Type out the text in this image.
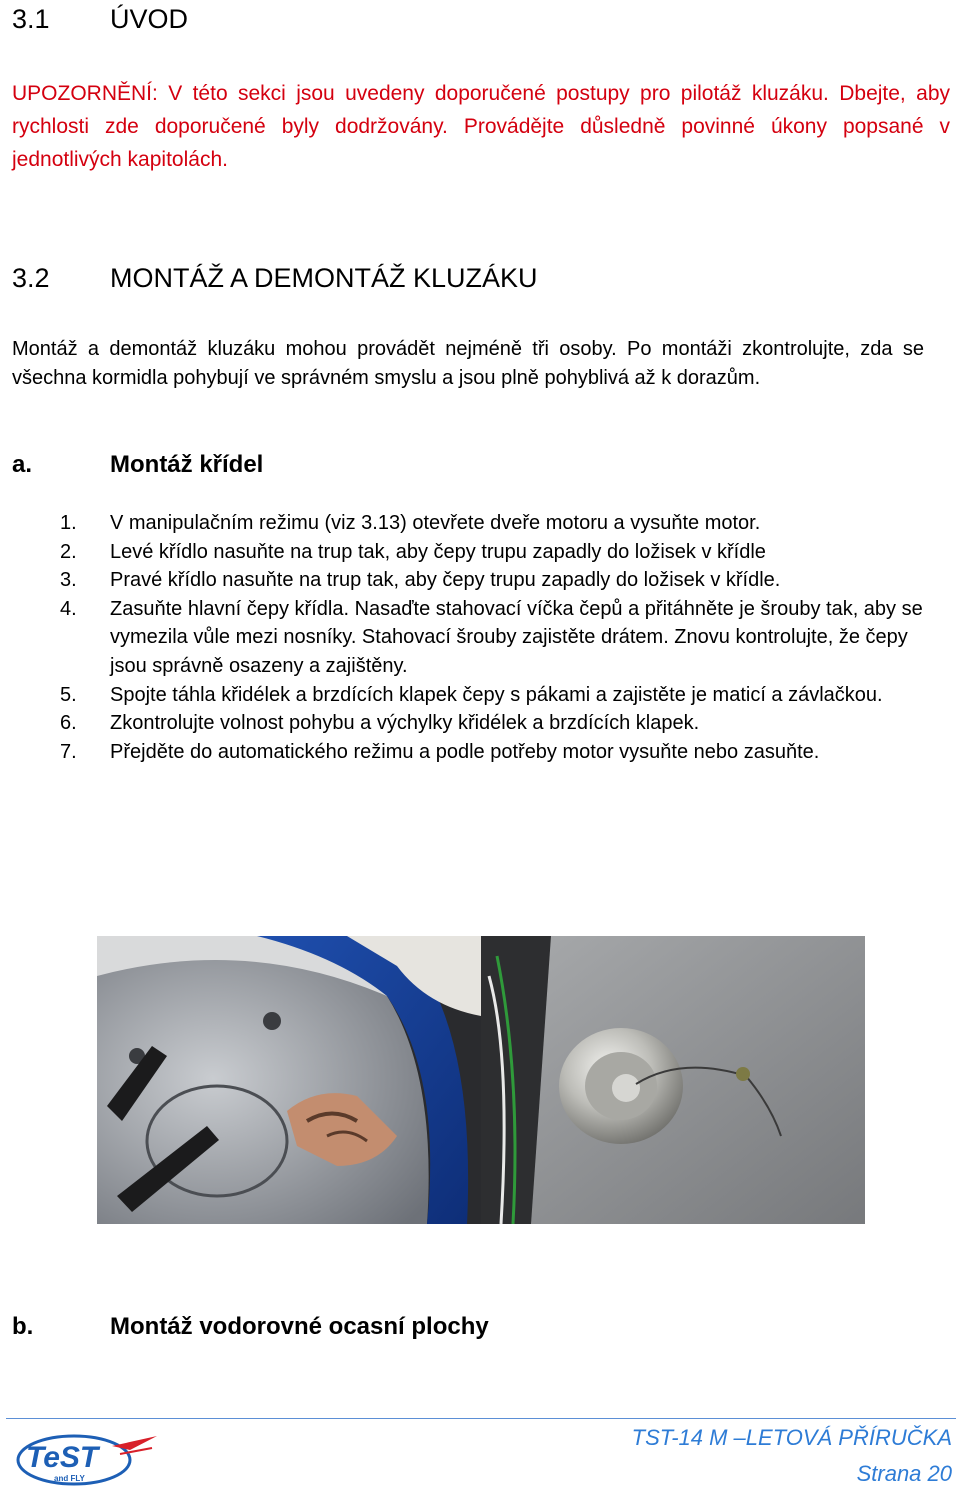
3.1 ÚVOD
UPOZORNĚNÍ: V této sekci jsou uvedeny doporučené postupy pro pilotáž kluzáku. Dbejte, aby rychlosti zde doporučené byly dodržovány. Provádějte důsledně povinné úkony popsané v jednotlivých kapitolách.
3.2 MONTÁŽ A DEMONTÁŽ KLUZÁKU
Montáž a demontáž kluzáku mohou provádět nejméně tři osoby. Po montáži zkontrolujte, zda se všechna kormidla pohybují ve správném smyslu a jsou plně pohyblivá až k dorazům.
a.	Montáž křídel
1.	V manipulačním režimu (viz 3.13) otevřete dveře motoru a vysuňte motor.
2.	Levé křídlo nasuňte na trup tak, aby čepy trupu zapadly do ložisek v křídle
3.	Pravé křídlo nasuňte na trup tak, aby čepy trupu zapadly do ložisek v křídle.
4.	Zasuňte hlavní čepy křídla. Nasaďte stahovací víčka čepů a přitáhněte je šrouby tak, aby se vymezila vůle mezi nosníky. Stahovací šrouby zajistěte drátem. Znovu kontrolujte, že čepy jsou správně osazeny a zajištěny.
5.	Spojte táhla křidélek a brzdících klapek čepy s pákami a zajistěte je maticí a závlačkou.
6.	Zkontrolujte volnost pohybu a výchylky křidélek a brzdících klapek.
7.	Přejděte do automatického režimu a podle potřeby motor vysuňte nebo zasuňte.
b.	Montáž vodorovné ocasní plochy
TeST
and FLY
TST-14 M –LETOVÁ PŘÍRUČKA
Strana 20
